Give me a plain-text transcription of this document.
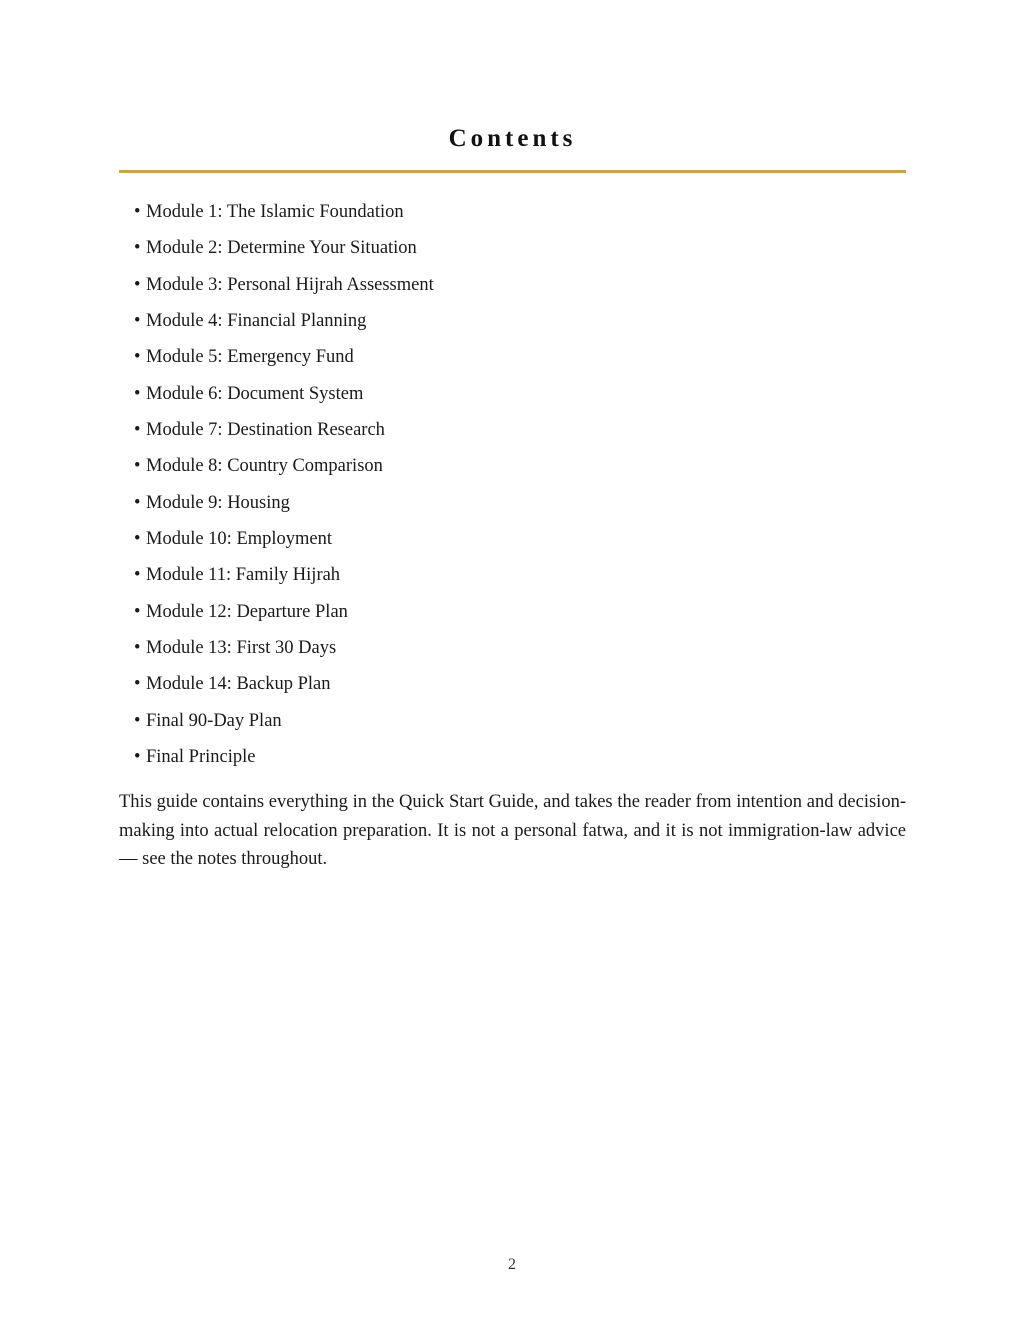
Contents
• Module 1: The Islamic Foundation
• Module 2: Determine Your Situation
• Module 3: Personal Hijrah Assessment
• Module 4: Financial Planning
• Module 5: Emergency Fund
• Module 6: Document System
• Module 7: Destination Research
• Module 8: Country Comparison
• Module 9: Housing
• Module 10: Employment
• Module 11: Family Hijrah
• Module 12: Departure Plan
• Module 13: First 30 Days
• Module 14: Backup Plan
• Final 90-Day Plan
• Final Principle

This guide contains everything in the Quick Start Guide, and takes the reader from intention and decision-making into actual relocation preparation. It is not a personal fatwa, and it is not immigration-law advice — see the notes throughout.

2
